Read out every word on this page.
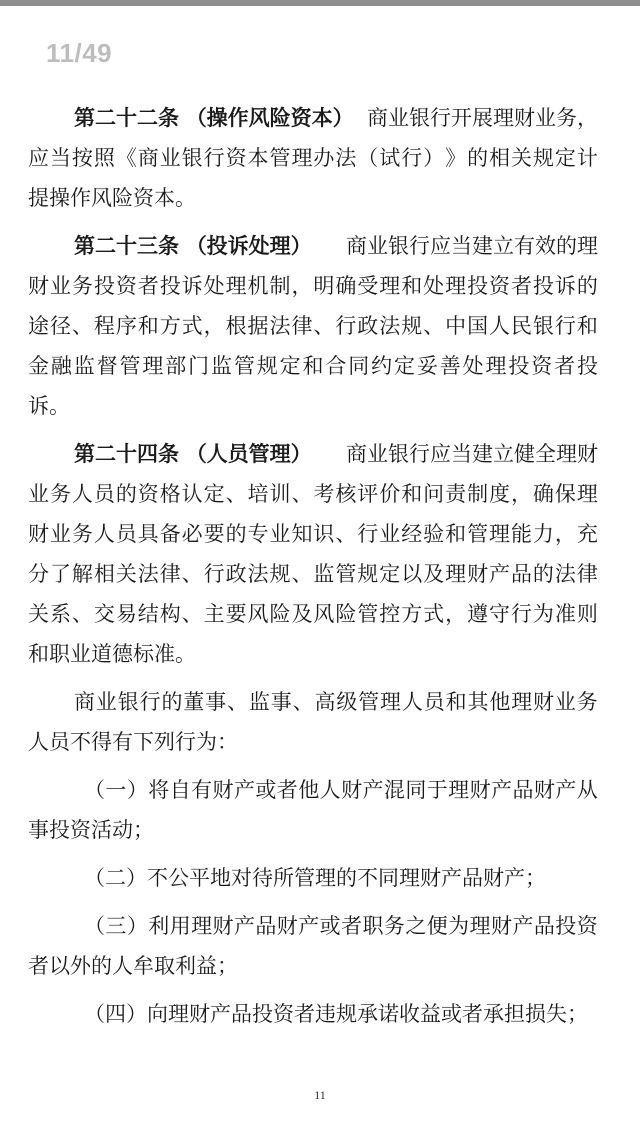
11/49
第二十二条 （操作风险资本） 商业银行开展理财业务，
应 当 按 照 《 商 业 银 行 资 本 管 理 办 法 （ 试 行 ） 》 的 相 关 规 定 计
提操作风险资本。
第二十三条 （投诉处理） 商业银行应当建立有效的理
财 业 务 投 资 者 投 诉 处 理 机 制 ， 明 确 受 理 和 处 理 投 资 者 投 诉 的
途 径 、 程 序 和 方 式 ， 根 据 法 律 、 行 政 法 规 、 中 国 人 民 银 行 和
金 融 监 督 管 理 部 门 监 管 规 定 和 合 同 约 定 妥 善 处 理 投 资 者 投
诉。
第二十四条 （人员管理） 商业银行应当建立健全理财
业 务 人 员 的 资 格 认 定 、 培 训 、 考 核 评 价 和 问 责 制 度 ， 确 保 理
财 业 务 人 员 具 备 必 要 的 专 业 知 识 、 行 业 经 验 和 管 理 能 力 ， 充
分 了 解 相 关 法 律 、 行 政 法 规 、 监 管 规 定 以 及 理 财 产 品 的 法 律
关 系 、 交 易 结 构 、 主 要 风 险 及 风 险 管 控 方 式 ， 遵 守 行 为 准 则
和职业道德标准。
商 业 银 行 的 董 事 、 监 事 、 高 级 管 理 人 员 和 其 他 理 财 业 务
人员不得有下列行为：
（ 一 ） 将 自 有 财 产 或 者 他 人 财 产 混 同 于 理 财 产 品 财 产 从
事投资活动；
（二）不公平地对待所管理的不同理财产品财产；
（ 三 ） 利 用 理 财 产 品 财 产 或 者 职 务 之 便 为 理 财 产 品 投 资
者以外的人牟取利益；
（四）向理财产品投资者违规承诺收益或者承担损失；
11
